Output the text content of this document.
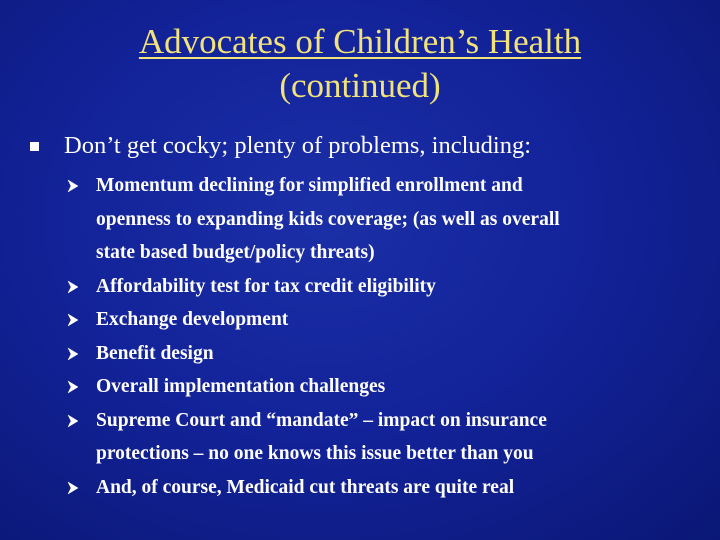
Advocates of Children’s Health
(continued)
Don’t get cocky; plenty of problems, including:
Momentum declining for simplified enrollment and
openness to expanding kids coverage; (as well as overall
state based budget/policy threats)
Affordability test for tax credit eligibility
Exchange development
Benefit design
Overall implementation challenges
Supreme Court and “mandate” – impact on insurance
protections – no one knows this issue better than you
And, of course, Medicaid cut threats are quite real
